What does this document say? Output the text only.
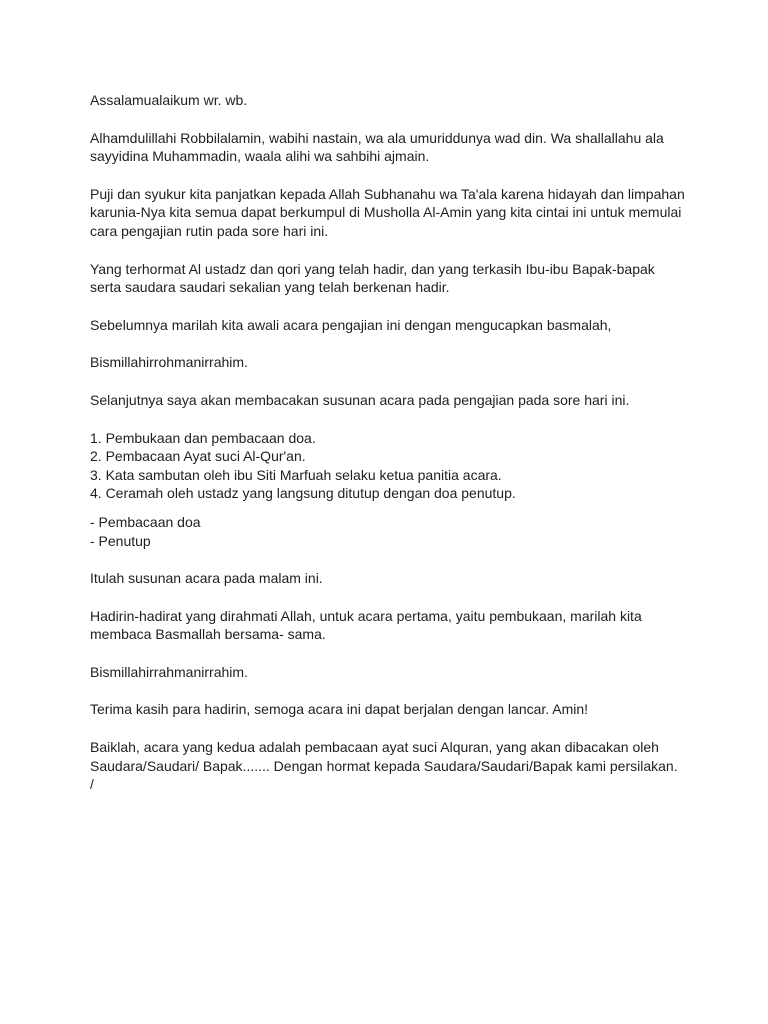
Assalamualaikum wr. wb.

Alhamdulillahi Robbilalamin, wabihi nastain, wa ala umuriddunya wad din. Wa shallallahu ala
sayyidina Muhammadin, waala alihi wa sahbihi ajmain.

Puji dan syukur kita panjatkan kepada Allah Subhanahu wa Ta'ala karena hidayah dan limpahan
karunia-Nya kita semua dapat berkumpul di Musholla Al-Amin yang kita cintai ini untuk memulai
cara pengajian rutin pada sore hari ini.

Yang terhormat Al ustadz dan qori yang telah hadir, dan yang terkasih Ibu-ibu Bapak-bapak
serta saudara saudari sekalian yang telah berkenan hadir.

Sebelumnya marilah kita awali acara pengajian ini dengan mengucapkan basmalah,

Bismillahirrohmanirrahim.

Selanjutnya saya akan membacakan susunan acara pada pengajian pada sore hari ini.

1. Pembukaan dan pembacaan doa.
2. Pembacaan Ayat suci Al-Qur'an.
3. Kata sambutan oleh ibu Siti Marfuah selaku ketua panitia acara.
4. Ceramah oleh ustadz yang langsung ditutup dengan doa penutup.
- Pembacaan doa
- Penutup

Itulah susunan acara pada malam ini.

Hadirin-hadirat yang dirahmati Allah, untuk acara pertama, yaitu pembukaan, marilah kita
membaca Basmallah bersama- sama.

Bismillahirrahmanirrahim.

Terima kasih para hadirin, semoga acara ini dapat berjalan dengan lancar. Amin!

Baiklah, acara yang kedua adalah pembacaan ayat suci Alquran, yang akan dibacakan oleh
Saudara/Saudari/ Bapak....... Dengan hormat kepada Saudara/Saudari/Bapak kami persilakan.
/
